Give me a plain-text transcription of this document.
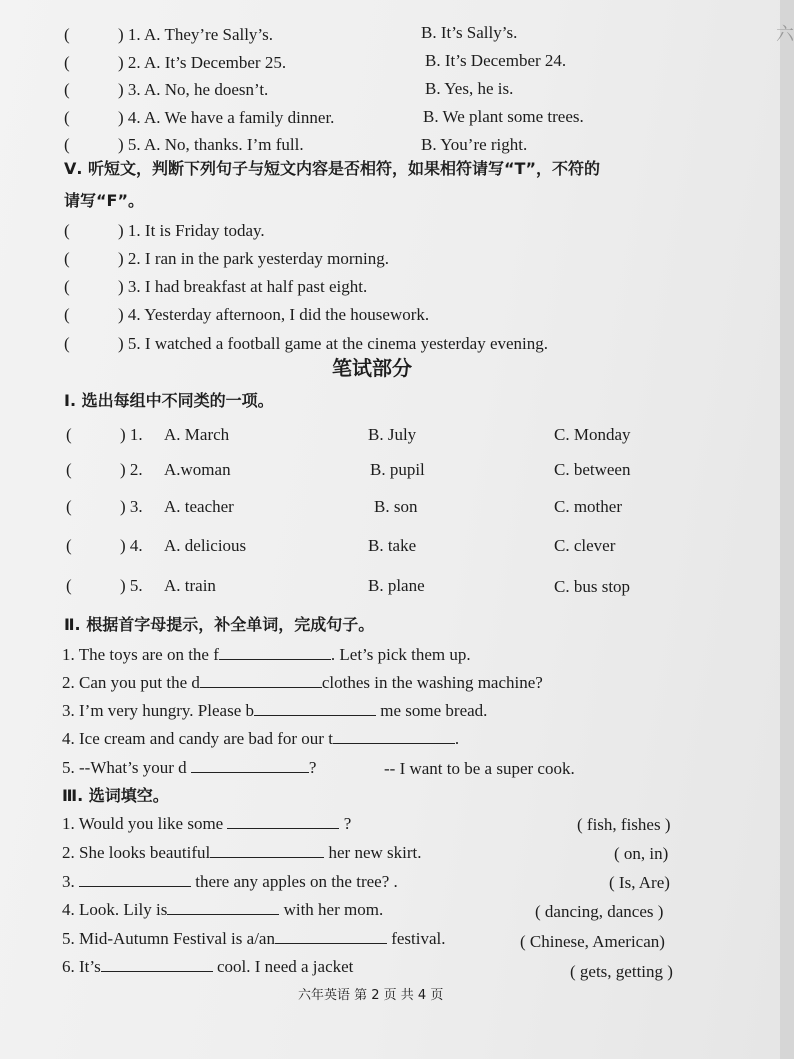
(	) 1. A. They’re Sally’s.	B. It’s Sally’s.
(	) 2. A. It’s December 25.	B. It’s December 24.
(	) 3. A. No, he doesn’t.	B. Yes, he is.
(	) 4. A. We have a family dinner.	B. We plant some trees.
(	) 5. A. No, thanks. I’m full.	B. You’re right.
Ⅴ. 听短文，判断下列句子与短文内容是否相符，如果相符请写“T”，不符的
请写“F”。
(	) 1. It is Friday today.
(	) 2. I ran in the park yesterday morning.
(	) 3. I had breakfast at half past eight.
(	) 4. Yesterday afternoon, I did the housework.
(	) 5. I watched a football game at the cinema yesterday evening.
笔试部分
Ⅰ. 选出每组中不同类的一项。
(	) 1. A. March	B. July	C. Monday
(	) 2. A.woman	B. pupil	C. between
(	) 3. A. teacher	B. son	C. mother
(	) 4. A. delicious	B. take	C. clever
(	) 5. A. train	B. plane	C. bus stop
Ⅱ. 根据首字母提示，补全单词，完成句子。
1. The toys are on the f	. Let’s pick them up.
2. Can you put the d	clothes in the washing machine?
3. I’m very hungry. Please b	me some bread.
4. Ice cream and candy are bad for our t	.
5. --What’s your d	?	-- I want to be a super cook.
Ⅲ. 选词填空。
1. Would you like some	?	( fish, fishes )
2. She looks beautiful	her new skirt.	( on, in)
3.	there any apples on the tree? .	( Is, Are)
4. Look. Lily is	with her mom.	( dancing, dances )
5. Mid-Autumn Festival is a/an	festival.	( Chinese, American)
6. It’s	cool. I need a jacket	( gets, getting )
六年英语 第 2 页 共 4 页
六
